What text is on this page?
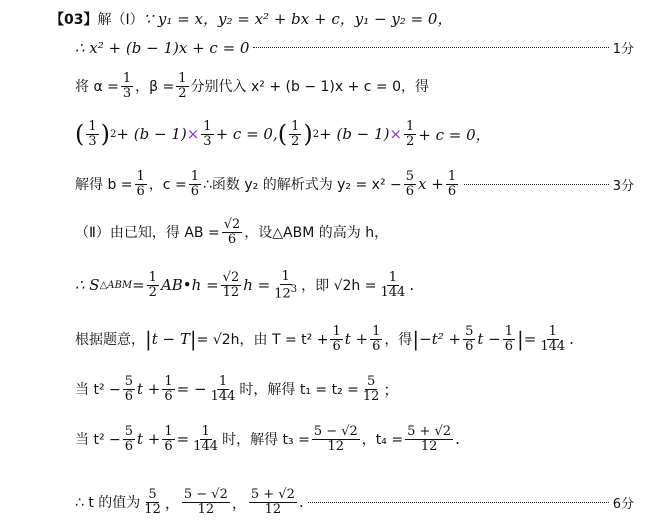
【03】 解（Ⅰ） ∵ y₁ = x，y₂ = x² + bx + c，y₁ − y₂ = 0，
∴ x² + (b − 1)x + c = 0	1分
将 $\alpha = \frac{1}{3}$ ，$\beta = \frac{1}{2}$ 分别代入 x² + (b − 1)x + c = 0，得
( $\frac{1}{3}$ ) $2 + (b - 1) \times \frac{1}{3} + c = 0$, ( $\frac{1}{2}$ ) $2 + (b - 1) \times \frac{1}{2} + c = 0$，
解得 $b = \frac{1}{6}$ ，$c = \frac{1}{6}$ ∴函数 y₂ 的解析式为 $y_2 = x^2 - \frac{5}{6}$ $x + \frac{1}{6}$	3分
（Ⅱ）由已知，得 AB = $\frac{√2}{6}$ ，设△ABM 的高为 h，
∴ S △ABM = $\frac{1}{2}$ AB•h = $\frac{√2}{12}$ $h = \frac{1}{12^3}$ ，即 $√2h = \frac{1}{144}$ .
根据题意， | t − T | = √2h，由 $T = t^2 + \frac{1}{6}$ $t + \frac{1}{6}$ ，得 | $-t^2 + \frac{5}{6}$ $t - \frac{1}{6}$ | = $\frac{1}{144}$ .
当 $t^2 - \frac{5}{6}$ $t + \frac{1}{6}$ = − $\frac{1}{144}$ 时，解得 $t_1 = t_2 = \frac{5}{12}$ ；
当 $t^2 - \frac{5}{6}$ $t + \frac{1}{6} = \frac{1}{144}$ 时，解得 $t_3 = \frac{5 - √2}{12}$ ，$t_4 = \frac{5 + √2}{12}$ .
∴ t 的值为 $\frac{5}{12}$ ， $\frac{5 - √2}{12}$ ， $\frac{5 + √2}{12}$ .	6分
